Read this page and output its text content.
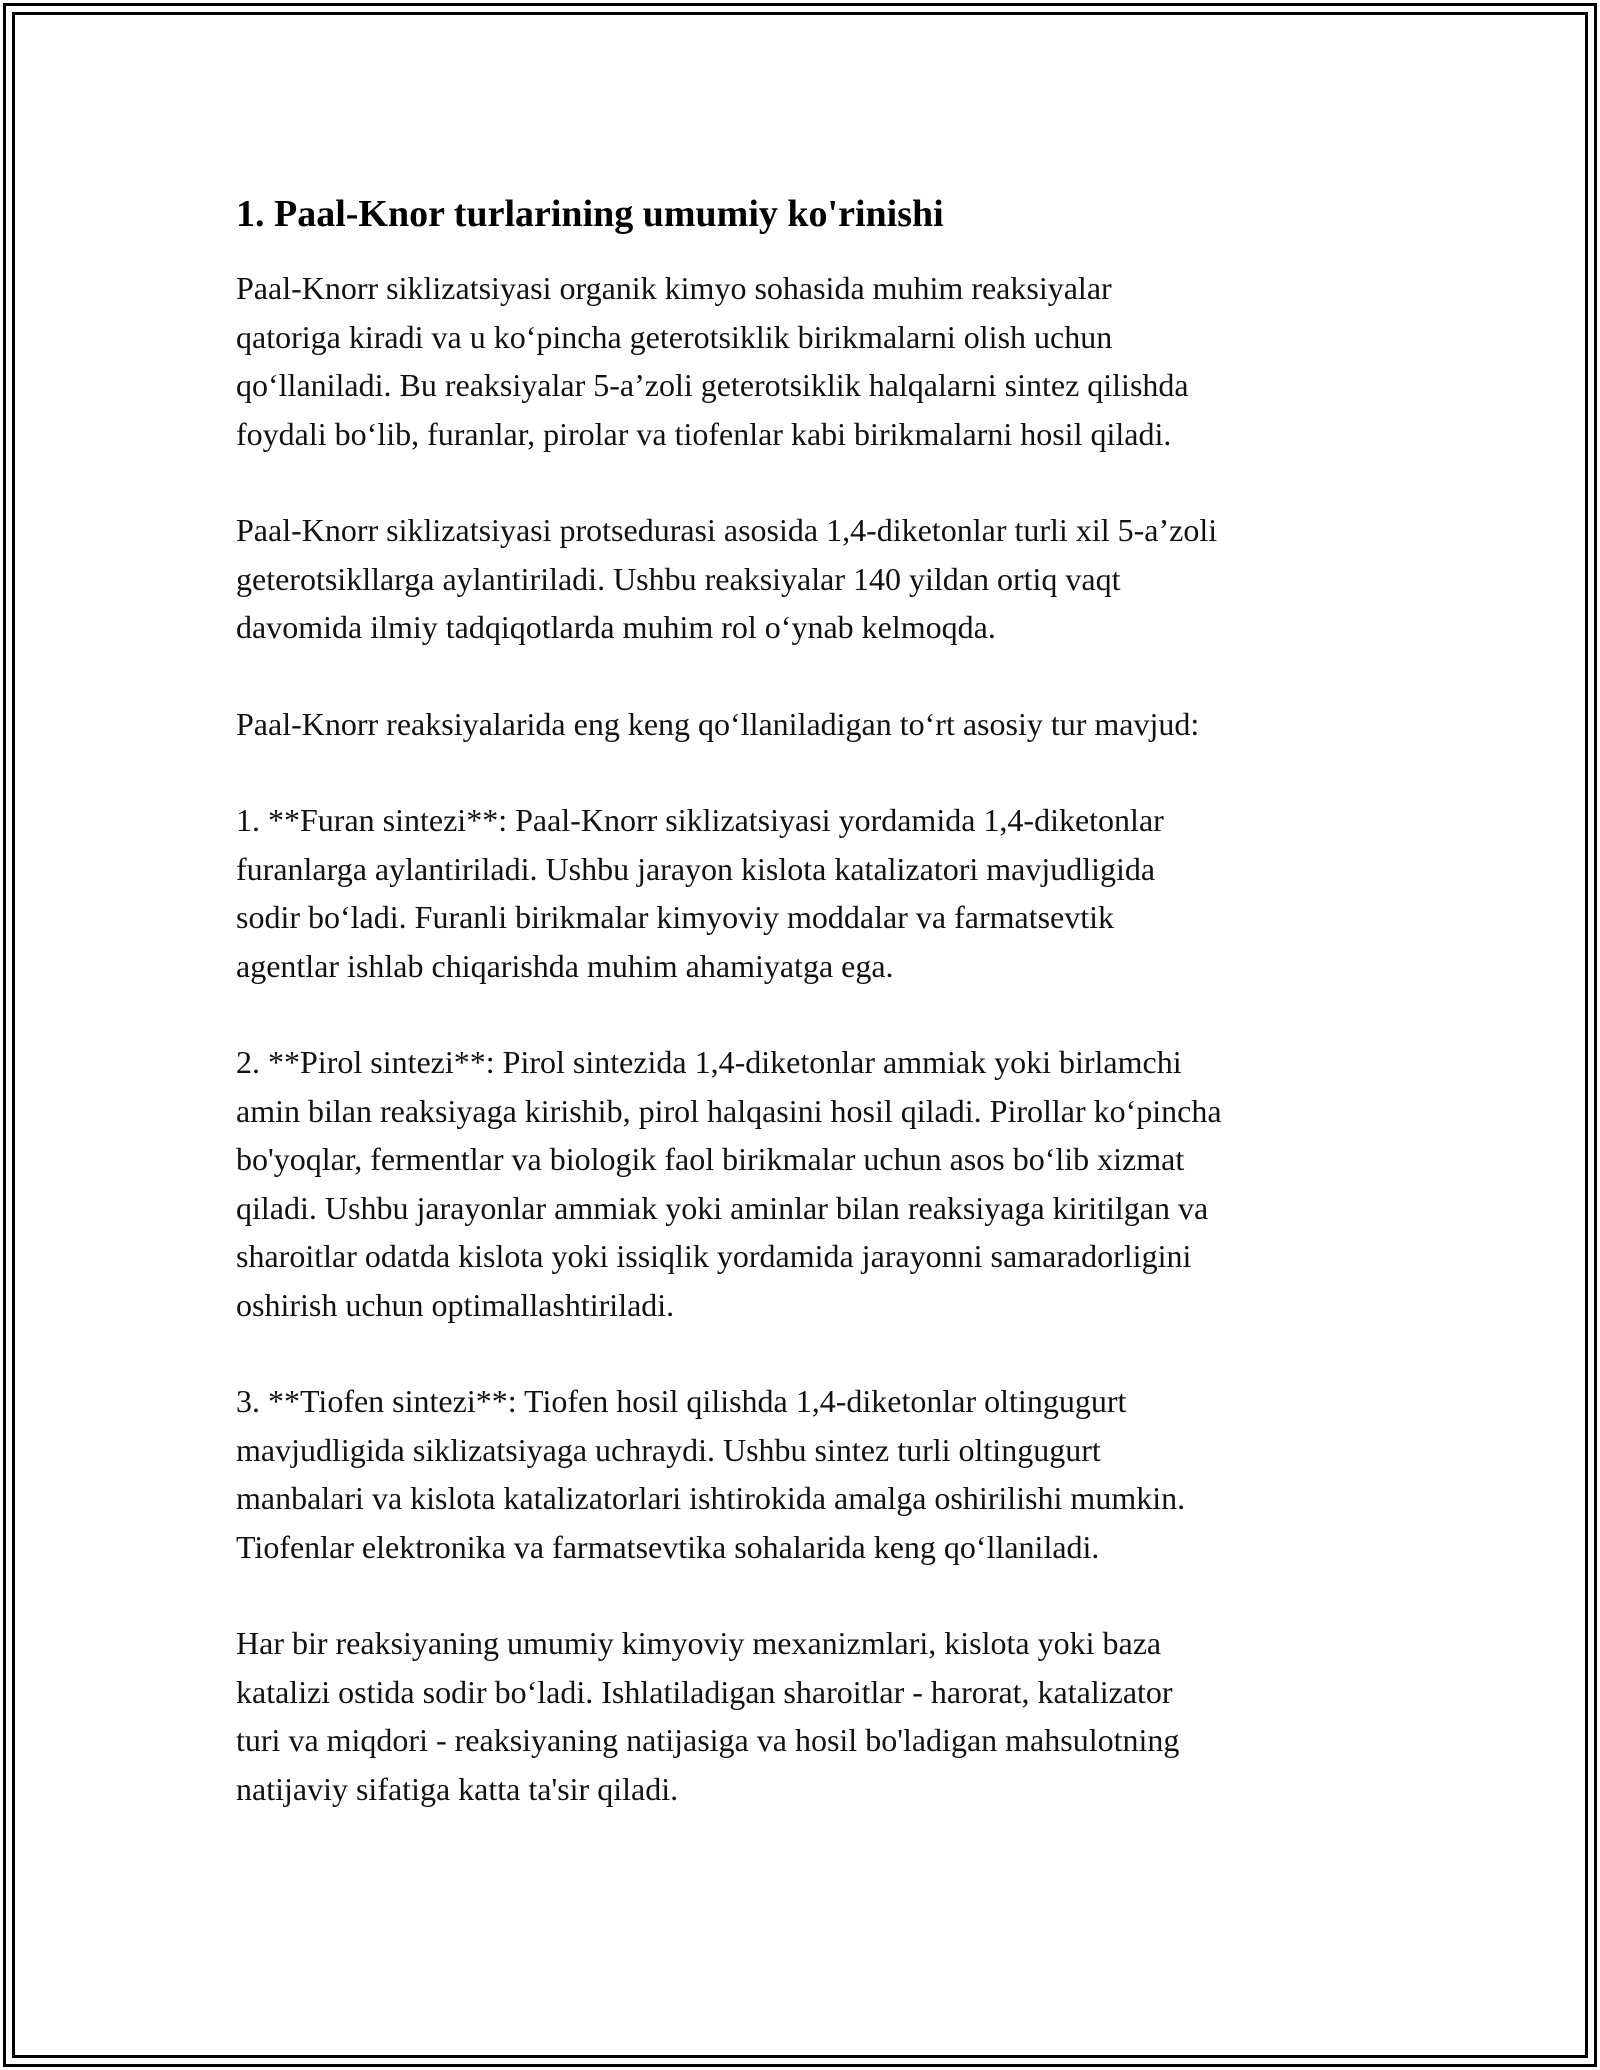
1. Paal-Knor turlarining umumiy ko'rinishi

Paal-Knorr siklizatsiyasi organik kimyo sohasida muhim reaksiyalar
qatoriga kiradi va u ko‘pincha geterotsiklik birikmalarni olish uchun
qo‘llaniladi. Bu reaksiyalar 5-a’zoli geterotsiklik halqalarni sintez qilishda
foydali bo‘lib, furanlar, pirolar va tiofenlar kabi birikmalarni hosil qiladi.

Paal-Knorr siklizatsiyasi protsedurasi asosida 1,4-diketonlar turli xil 5-a’zoli
geterotsikllarga aylantiriladi. Ushbu reaksiyalar 140 yildan ortiq vaqt
davomida ilmiy tadqiqotlarda muhim rol o‘ynab kelmoqda.

Paal-Knorr reaksiyalarida eng keng qo‘llaniladigan to‘rt asosiy tur mavjud:

1. **Furan sintezi**: Paal-Knorr siklizatsiyasi yordamida 1,4-diketonlar
furanlarga aylantiriladi. Ushbu jarayon kislota katalizatori mavjudligida
sodir bo‘ladi. Furanli birikmalar kimyoviy moddalar va farmatsevtik
agentlar ishlab chiqarishda muhim ahamiyatga ega.

2. **Pirol sintezi**: Pirol sintezida 1,4-diketonlar ammiak yoki birlamchi
amin bilan reaksiyaga kirishib, pirol halqasini hosil qiladi. Pirollar ko‘pincha
bo'yoqlar, fermentlar va biologik faol birikmalar uchun asos bo‘lib xizmat
qiladi. Ushbu jarayonlar ammiak yoki aminlar bilan reaksiyaga kiritilgan va
sharoitlar odatda kislota yoki issiqlik yordamida jarayonni samaradorligini
oshirish uchun optimallashtiriladi.

3. **Tiofen sintezi**: Tiofen hosil qilishda 1,4-diketonlar oltingugurt
mavjudligida siklizatsiyaga uchraydi. Ushbu sintez turli oltingugurt
manbalari va kislota katalizatorlari ishtirokida amalga oshirilishi mumkin.
Tiofenlar elektronika va farmatsevtika sohalarida keng qo‘llaniladi.

Har bir reaksiyaning umumiy kimyoviy mexanizmlari, kislota yoki baza
katalizi ostida sodir bo‘ladi. Ishlatiladigan sharoitlar - harorat, katalizator
turi va miqdori - reaksiyaning natijasiga va hosil bo'ladigan mahsulotning
natijaviy sifatiga katta ta'sir qiladi.
